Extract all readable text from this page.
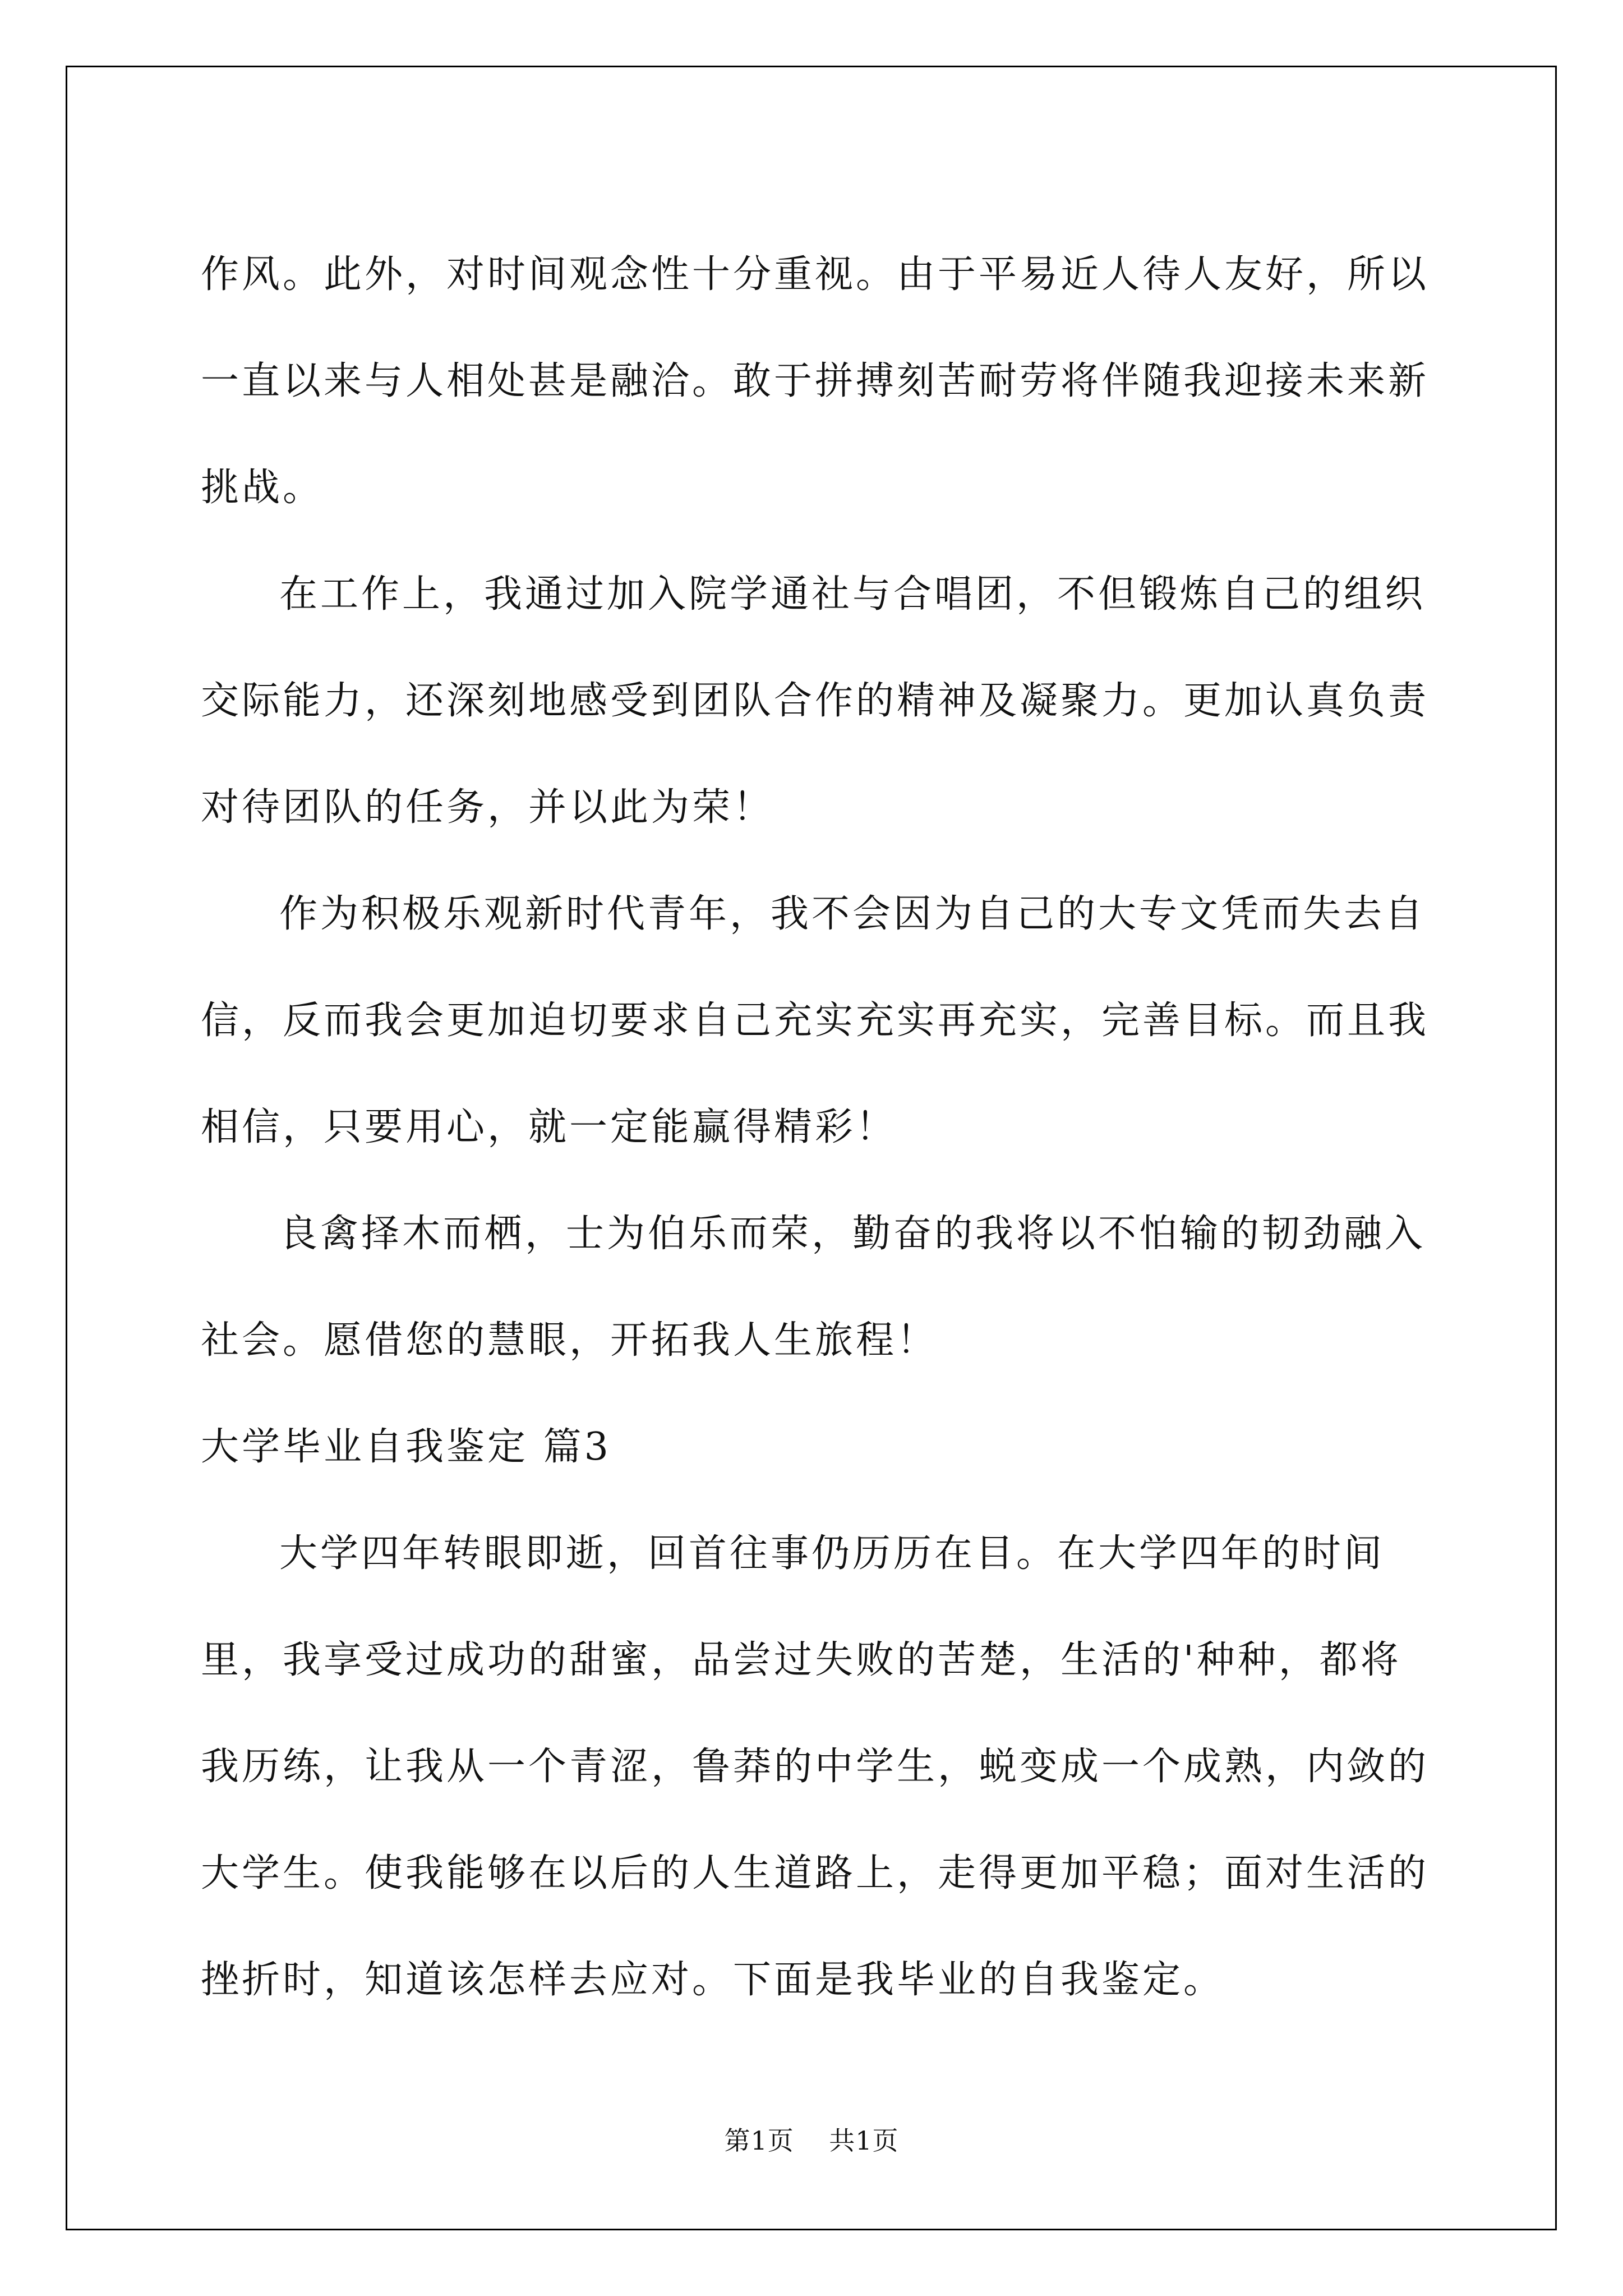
作风。此外，对时间观念性十分重视。由于平易近人待人友好，所以一直以来与人相处甚是融洽。敢于拼搏刻苦耐劳将伴随我迎接未来新挑战。

在工作上，我通过加入院学通社与合唱团，不但锻炼自己的组织交际能力，还深刻地感受到团队合作的精神及凝聚力。更加认真负责对待团队的任务，并以此为荣！

作为积极乐观新时代青年，我不会因为自己的大专文凭而失去自信，反而我会更加迫切要求自己充实充实再充实，完善目标。而且我相信，只要用心，就一定能赢得精彩！

良禽择木而栖，士为伯乐而荣，勤奋的我将以不怕输的韧劲融入社会。愿借您的慧眼，开拓我人生旅程！

大学毕业自我鉴定 篇3

大学四年转眼即逝，回首往事仍历历在目。在大学四年的时间里，我享受过成功的甜蜜，品尝过失败的苦楚，生活的'种种，都将我历练，让我从一个青涩，鲁莽的中学生，蜕变成一个成熟，内敛的大学生。使我能够在以后的人生道路上，走得更加平稳；面对生活的挫折时，知道该怎样去应对。下面是我毕业的自我鉴定。

第1页 共1页
